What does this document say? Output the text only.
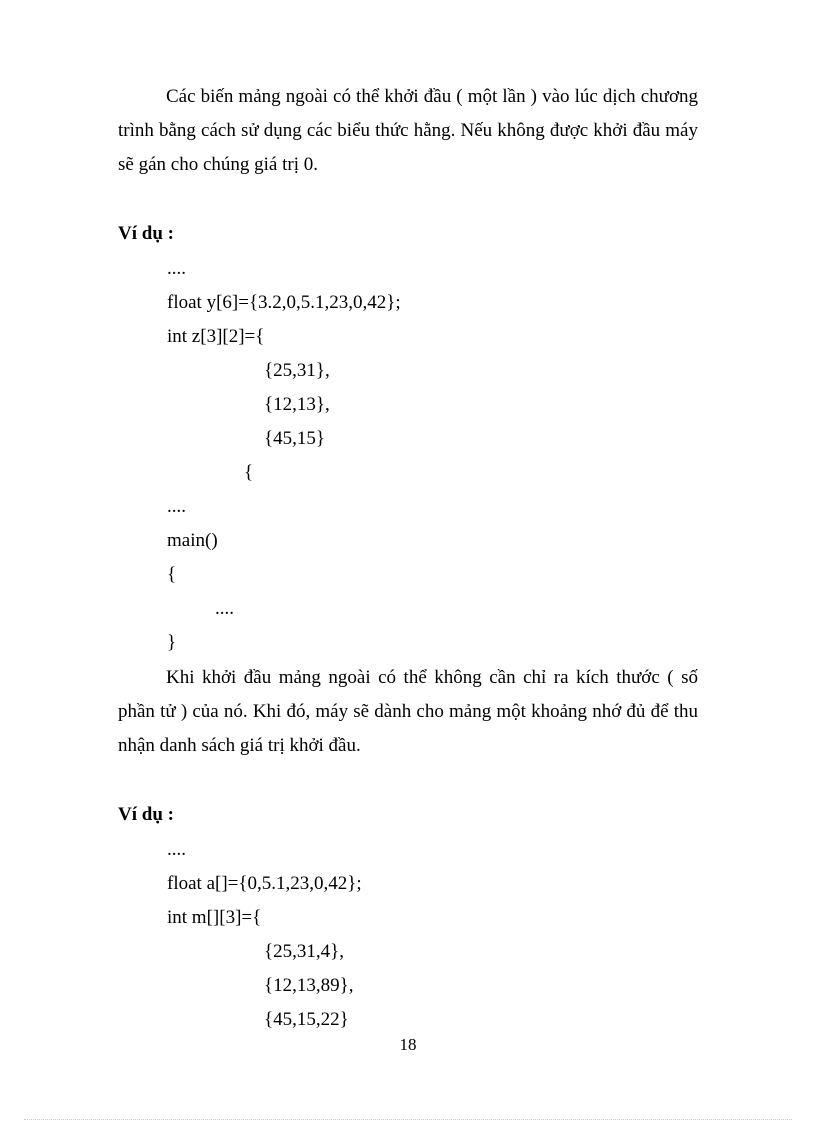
Các biến mảng ngoài có thể khởi đầu ( một lần ) vào lúc dịch chương trình bằng cách sử dụng các biểu thức hằng. Nếu không được khởi đầu máy sẽ gán cho chúng giá trị 0.
Ví dụ :
....
float y[6]={3.2,0,5.1,23,0,42};
int z[3][2]={
{25,31},
{12,13},
{45,15}
{
....
main()
{
....
}
Khi khởi đầu mảng ngoài có thể không cần chỉ ra kích thước ( số phần tử ) của nó. Khi đó, máy sẽ dành cho mảng một khoảng nhớ đủ để thu nhận danh sách giá trị khởi đầu.
Ví dụ :
....
float a[]={0,5.1,23,0,42};
int m[][3]={
{25,31,4},
{12,13,89},
{45,15,22}
18
